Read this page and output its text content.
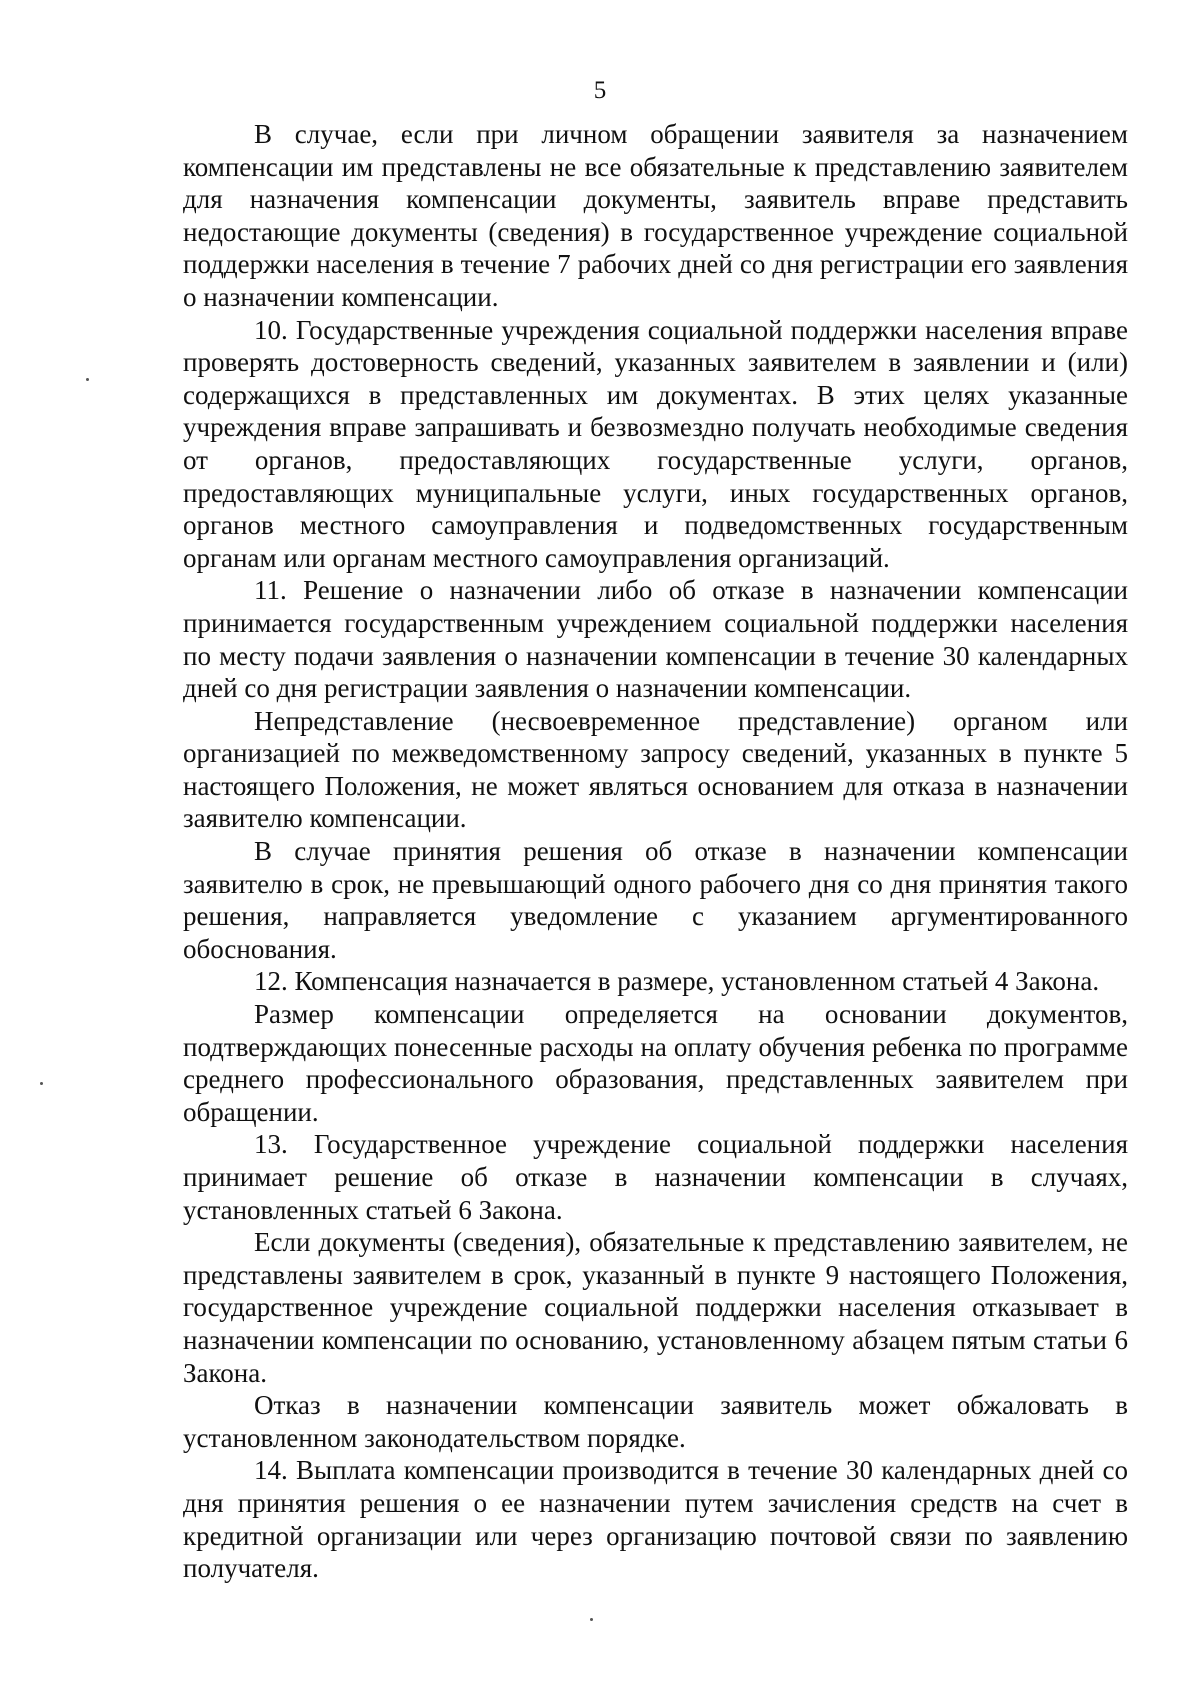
5

В случае, если при личном обращении заявителя за назначением компенсации им представлены не все обязательные к представлению заявителем для назначения компенсации документы, заявитель вправе представить недостающие документы (сведения) в государственное учреждение социальной поддержки населения в течение 7 рабочих дней со дня регистрации его заявления о назначении компенсации.

10. Государственные учреждения социальной поддержки населения вправе проверять достоверность сведений, указанных заявителем в заявлении и (или) содержащихся в представленных им документах. В этих целях указанные учреждения вправе запрашивать и безвозмездно получать необходимые сведения от органов, предоставляющих государственные услуги, органов, предоставляющих муниципальные услуги, иных государственных органов, органов местного самоуправления и подведомственных государственным органам или органам местного самоуправления организаций.

11. Решение о назначении либо об отказе в назначении компенсации принимается государственным учреждением социальной поддержки населения по месту подачи заявления о назначении компенсации в течение 30 календарных дней со дня регистрации заявления о назначении компенсации.

Непредставление (несвоевременное представление) органом или организацией по межведомственному запросу сведений, указанных в пункте 5 настоящего Положения, не может являться основанием для отказа в назначении заявителю компенсации.

В случае принятия решения об отказе в назначении компенсации заявителю в срок, не превышающий одного рабочего дня со дня принятия такого решения, направляется уведомление с указанием аргументированного обоснования.

12. Компенсация назначается в размере, установленном статьей 4 Закона.

Размер компенсации определяется на основании документов, подтверждающих понесенные расходы на оплату обучения ребенка по программе среднего профессионального образования, представленных заявителем при обращении.

13. Государственное учреждение социальной поддержки населения принимает решение об отказе в назначении компенсации в случаях, установленных статьей 6 Закона.

Если документы (сведения), обязательные к представлению заявителем, не представлены заявителем в срок, указанный в пункте 9 настоящего Положения, государственное учреждение социальной поддержки населения отказывает в назначении компенсации по основанию, установленному абзацем пятым статьи 6 Закона.

Отказ в назначении компенсации заявитель может обжаловать в установленном законодательством порядке.

14. Выплата компенсации производится в течение 30 календарных дней со дня принятия решения о ее назначении путем зачисления средств на счет в кредитной организации или через организацию почтовой связи по заявлению получателя.
